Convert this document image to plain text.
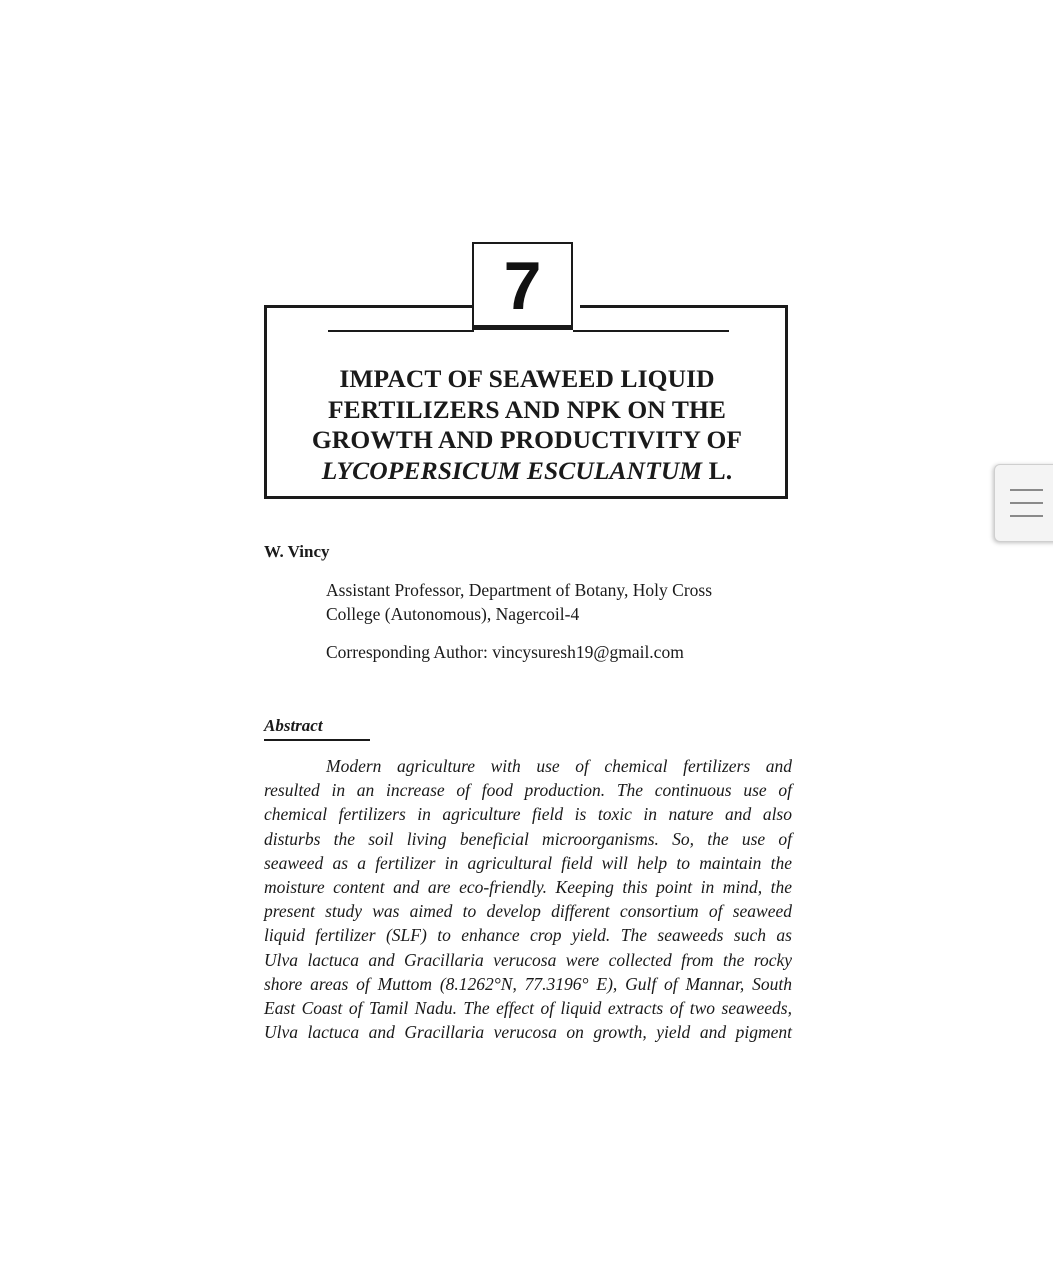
7
IMPACT OF SEAWEED LIQUID
FERTILIZERS AND NPK ON THE
GROWTH AND PRODUCTIVITY OF
LYCOPERSICUM ESCULANTUM L.
W. Vincy
Assistant Professor, Department of Botany, Holy Cross
College (Autonomous), Nagercoil-4
Corresponding Author: vincysuresh19@gmail.com
Abstract
Modern agriculture with use of chemical fertilizers and
resulted in an increase of food production. The continuous use of
chemical fertilizers in agriculture field is toxic in nature and also
disturbs the soil living beneficial microorganisms. So, the use of
seaweed as a fertilizer in agricultural field will help to maintain the
moisture content and are eco-friendly. Keeping this point in mind, the
present study was aimed to develop different consortium of seaweed
liquid fertilizer (SLF) to enhance crop yield. The seaweeds such as
Ulva lactuca and Gracillaria verucosa were collected from the rocky
shore areas of Muttom (8.1262°N, 77.3196° E), Gulf of Mannar, South
East Coast of Tamil Nadu. The effect of liquid extracts of two seaweeds,
Ulva lactuca and Gracillaria verucosa on growth, yield and pigment
